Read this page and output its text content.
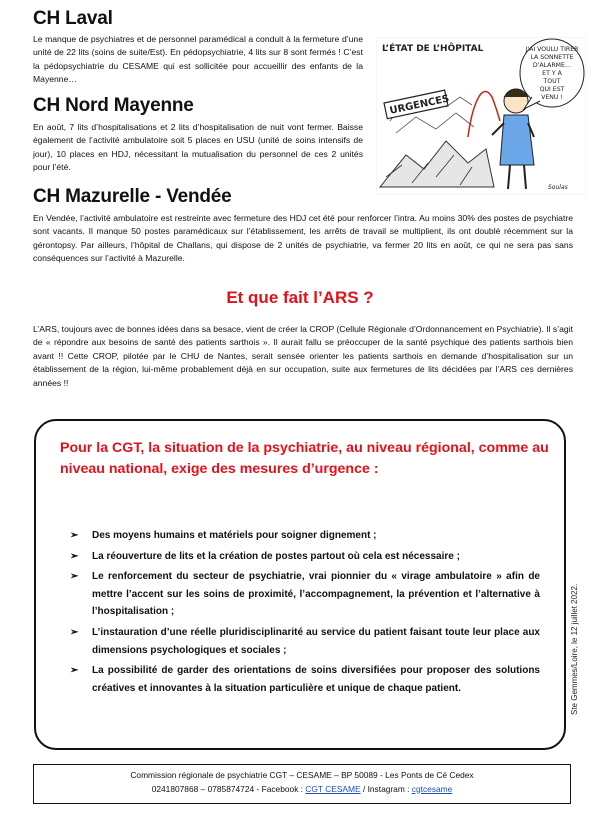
CH Laval

Le manque de psychiatres et de personnel paramédical a conduit à la fermeture d’une unité de 22 lits (soins de suite/Est). En pédopsychiatrie, 4 lits sur 8 sont fermés ! C’est la pédopsychiatrie du CESAME qui est sollicitée pour accueillir des enfants de la Mayenne…

CH Nord Mayenne

En août, 7 lits d’hospitalisations et 2 lits d’hospitalisation de nuit vont fermer. Baisse également de l’activité ambulatoire soit 5 places en USU (unité de soins intensifs de jour), 10 places en HDJ, nécessitant la mutualisation du personnel de ces 2 unités pour l’été.

CH Mazurelle - Vendée

En Vendée, l’activité ambulatoire est restreinte avec fermeture des HDJ cet été pour renforcer l’intra. Au moins 30% des postes de psychiatre sont vacants. Il manque 50 postes paramédicaux sur l’établissement, les arrêts de travail se multiplient, ils ont doublé récemment sur la gérontopsy. Par ailleurs, l’hôpital de Challans, qui dispose de 2 unités de psychiatrie, va fermer 20 lits en août, ce qui ne sera pas sans conséquences sur l’activité à Mazurelle.

URGENCES
L’ÉTAT DE L’HÔPITAL	J'AI VOULU TIRER
LA SONNETTE
D'ALARME…
ET Y A
TOUT
QUI EST
VENU !
Soulas
Et que fait l’ARS ?

L’ARS, toujours avec de bonnes idées dans sa besace, vient de créer la CROP (Cellule Régionale d’Ordonnancement en Psychiatrie). Il s’agit de « répondre aux besoins de santé des patients sarthois ». Il aurait fallu se préoccuper de la santé psychique des patients sarthois bien avant !! Cette CROP, pilotée par le CHU de Nantes, serait sensée orienter les patients sarthois en demande d’hospitalisation sur un établissement de la région, lui-même probablement déjà en sur occupation, suite aux fermetures de lits décidées par l’ARS ces dernières années !!

Pour la CGT, la situation de la psychiatrie, au niveau régional, comme au niveau national, exige des mesures d’urgence :

➢ Des moyens humains et matériels pour soigner dignement ;
➢ La réouverture de lits et la création de postes partout où cela est nécessaire ;
➢ Le renforcement du secteur de psychiatrie, vrai pionnier du « virage ambulatoire » afin de mettre l’accent sur les soins de proximité, l’accompagnement, la prévention et l’alternative à l’hospitalisation ;
➢ L’instauration d’une réelle pluridisciplinarité au service du patient faisant toute leur place aux dimensions psychologiques et sociales ;
➢ La possibilité de garder des orientations de soins diversifiées pour proposer des solutions créatives et innovantes à la situation particulière et unique de chaque patient.	Ste Gemmes/Loire, le 12 juillet 2022.
Commission régionale de psychiatrie CGT – CESAME – BP 50089 - Les Ponts de Cé Cedex
0241807868 – 0785874724 - Facebook : CGT CESAME / Instagram : cgtcesame
